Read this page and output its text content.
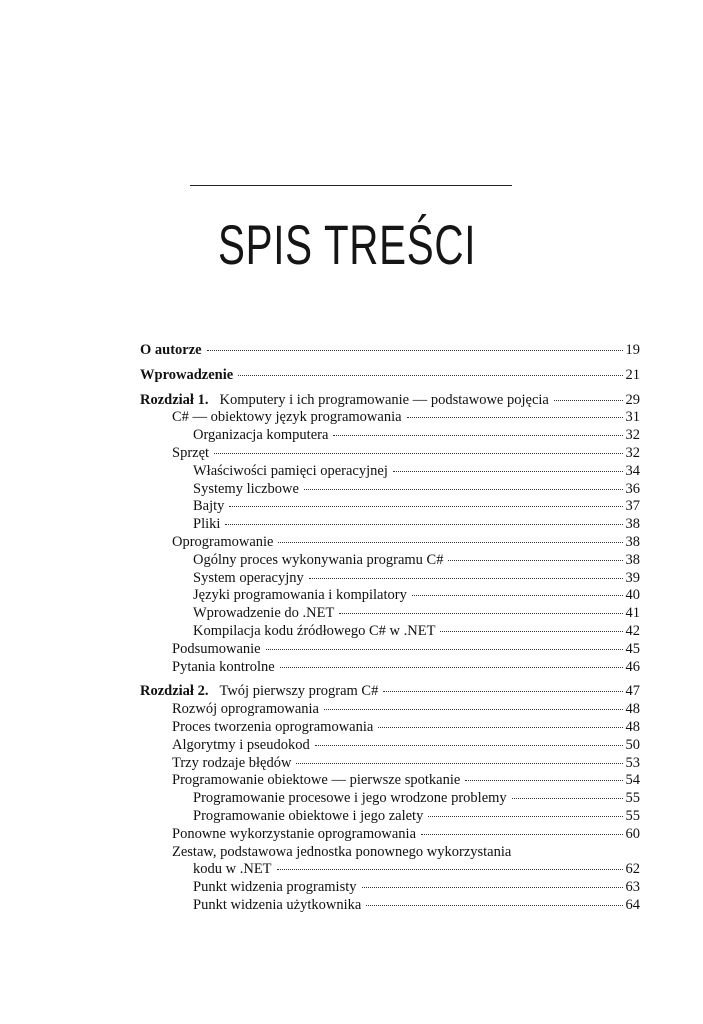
SPIS TREŚCI
O autorze	19
Wprowadzenie	21
Rozdział 1. Komputery i ich programowanie — podstawowe pojęcia	29
C# — obiektowy język programowania	31
Organizacja komputera	32
Sprzęt	32
Właściwości pamięci operacyjnej	34
Systemy liczbowe	36
Bajty	37
Pliki	38
Oprogramowanie	38
Ogólny proces wykonywania programu C#	38
System operacyjny	39
Języki programowania i kompilatory	40
Wprowadzenie do .NET	41
Kompilacja kodu źródłowego C# w .NET	42
Podsumowanie	45
Pytania kontrolne	46
Rozdział 2. Twój pierwszy program C#	47
Rozwój oprogramowania	48
Proces tworzenia oprogramowania	48
Algorytmy i pseudokod	50
Trzy rodzaje błędów	53
Programowanie obiektowe — pierwsze spotkanie	54
Programowanie procesowe i jego wrodzone problemy	55
Programowanie obiektowe i jego zalety	55
Ponowne wykorzystanie oprogramowania	60
Zestaw, podstawowa jednostka ponownego wykorzystania
kodu w .NET	62
Punkt widzenia programisty	63
Punkt widzenia użytkownika	64
